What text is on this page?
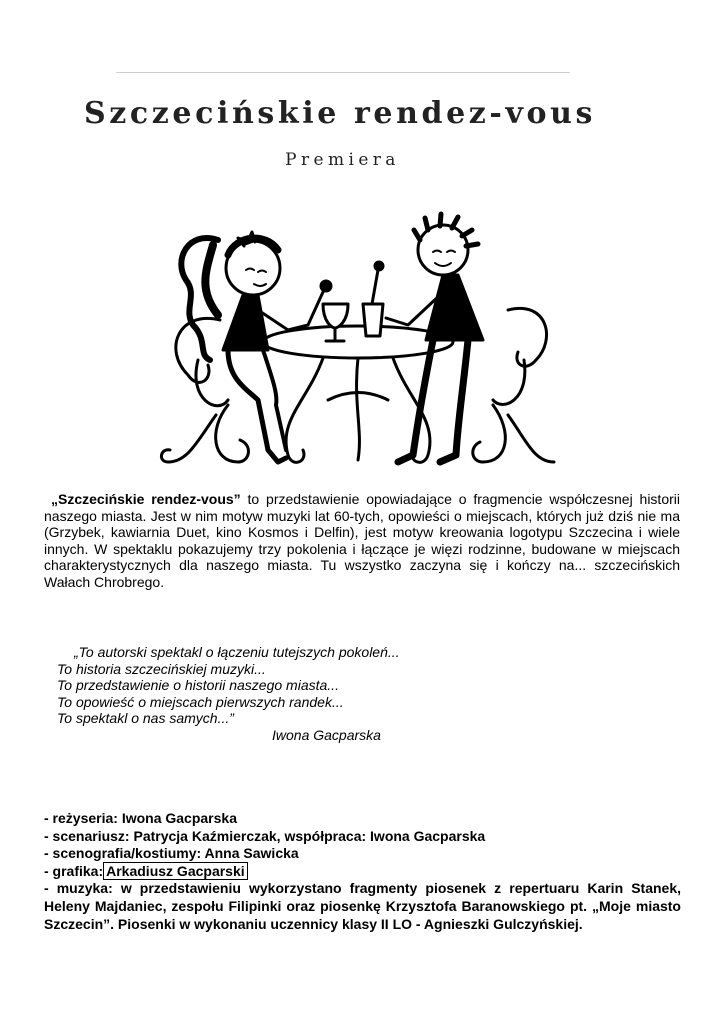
Szczecińskie rendez-vous
Premiera
„Szczecińskie rendez-vous” to przedstawienie opowiadające o fragmencie współczesnej historii naszego miasta. Jest w nim motyw muzyki lat 60-tych, opowieści o miejscach, których już dziś nie ma (Grzybek, kawiarnia Duet, kino Kosmos i Delfin), jest motyw kreowania logotypu Szczecina i wiele innych. W spektaklu pokazujemy trzy pokolenia i łączące je więzi rodzinne, budowane w miejscach charakterystycznych dla naszego miasta. Tu wszystko zaczyna się i kończy na... szczecińskich Wałach Chrobrego.
„To autorski spektakl o łączeniu tutejszych pokoleń...
To historia szczecińskiej muzyki...
To przedstawienie o historii naszego miasta...
To opowieść o miejscach pierwszych randek...
To spektakl o nas samych...”
Iwona Gacparska
- reżyseria: Iwona Gacparska
- scenariusz: Patrycja Kaźmierczak, współpraca: Iwona Gacparska
- scenografia/kostiumy: Anna Sawicka
- grafika: Arkadiusz Gacparski
- muzyka: w przedstawieniu wykorzystano fragmenty piosenek z repertuaru Karin Stanek, Heleny Majdaniec, zespołu Filipinki oraz piosenkę Krzysztofa Baranowskiego pt. „Moje miasto Szczecin”. Piosenki w wykonaniu uczennicy klasy II LO - Agnieszki Gulczyńskiej.
